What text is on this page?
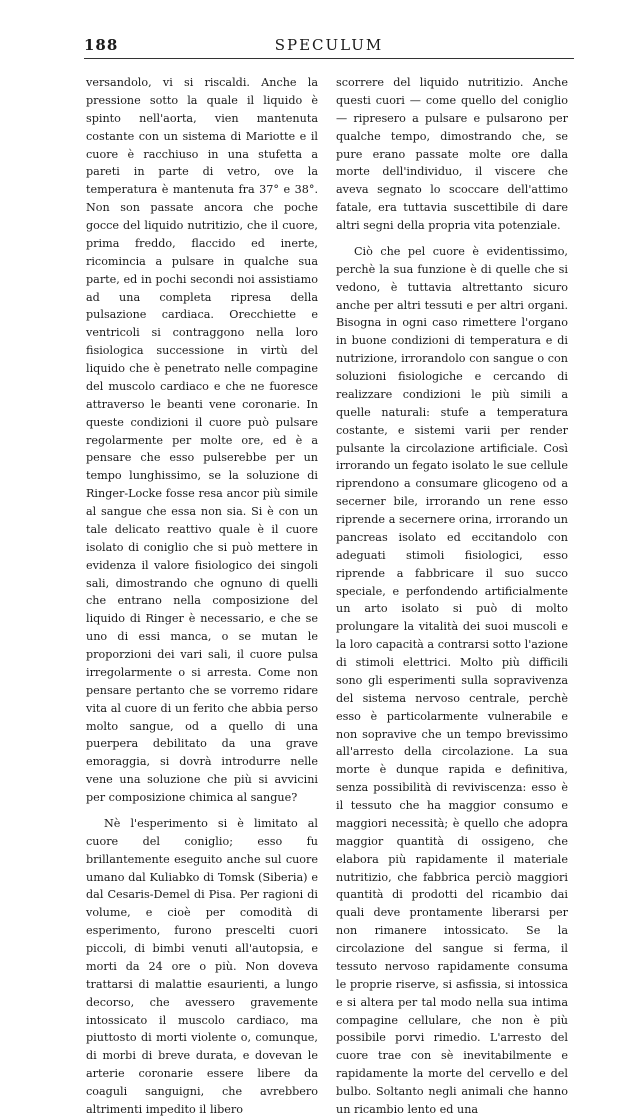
188	SPECULUM

versandolo, vi si riscaldi. Anche la pressione sotto la quale il liquido è spinto nell'aorta, vien mantenuta costante con un sistema di Mariotte e il cuore è racchiuso in una stufetta a pareti in parte di vetro, ove la temperatura è mantenuta fra 37° e 38°. Non son passate ancora che poche gocce del liquido nutritizio, che il cuore, prima freddo, flaccido ed inerte, ricomincia a pulsare in qualche sua parte, ed in pochi secondi noi assistiamo ad una completa ripresa della pulsazione cardiaca. Orecchiette e ventricoli si contraggono nella loro fisiologica successione in virtù del liquido che è penetrato nelle compagine del muscolo cardiaco e che ne fuoresce attraverso le beanti vene coronarie. In queste condizioni il cuore può pulsare regolarmente per molte ore, ed è a pensare che esso pulserebbe per un tempo lunghissimo, se la soluzione di Ringer-Locke fosse resa ancor più simile al sangue che essa non sia. Si è con un tale delicato reattivo quale è il cuore isolato di coniglio che si può mettere in evidenza il valore fisiologico dei singoli sali, dimostrando che ognuno di quelli che entrano nella composizione del liquido di Ringer è necessario, e che se uno di essi manca, o se mutan le proporzioni dei vari sali, il cuore pulsa irregolarmente o si arresta. Come non pensare pertanto che se vorremo ridare vita al cuore di un ferito che abbia perso molto sangue, od a quello di una puerpera debilitato da una grave emoraggia, si dovrà introdurre nelle vene una soluzione che più si avvicini per composizione chimica al sangue?

Nè l'esperimento si è limitato al cuore del coniglio; esso fu brillantemente eseguito anche sul cuore umano dal Kuliabko di Tomsk (Siberia) e dal Cesaris-Demel di Pisa. Per ragioni di volume, e cioè per comodità di esperimento, furono prescelti cuori piccoli, di bimbi venuti all'autopsia, e morti da 24 ore o più. Non doveva trattarsi di malattie esaurienti, a lungo decorso, che avessero gravemente intossicato il muscolo cardiaco, ma piuttosto di morti violente o, comunque, di morbi di breve durata, e dovevan le arterie coronarie essere libere da coaguli sanguigni, che avrebbero altrimenti impedito il libero

scorrere del liquido nutritizio. Anche questi cuori — come quello del coniglio — ripresero a pulsare e pulsarono per qualche tempo, dimostrando che, se pure erano passate molte ore dalla morte dell'individuo, il viscere che aveva segnato lo scoccare dell'attimo fatale, era tuttavia suscettibile di dare altri segni della propria vita potenziale.

Ciò che pel cuore è evidentissimo, perchè la sua funzione è di quelle che si vedono, è tuttavia altrettanto sicuro anche per altri tessuti e per altri organi. Bisogna in ogni caso rimettere l'organo in buone condizioni di temperatura e di nutrizione, irrorandolo con sangue o con soluzioni fisiologiche e cercando di realizzare condizioni le più simili a quelle naturali: stufe a temperatura costante, e sistemi varii per render pulsante la circolazione artificiale. Così irrorando un fegato isolato le sue cellule riprendono a consumare glicogeno od a secerner bile, irrorando un rene esso riprende a secernere orina, irrorando un pancreas isolato ed eccitandolo con adeguati stimoli fisiologici, esso riprende a fabbricare il suo succo speciale, e perfondendo artificialmente un arto isolato si può di molto prolungare la vitalità dei suoi muscoli e la loro capacità a contrarsi sotto l'azione di stimoli elettrici. Molto più difficili sono gli esperimenti sulla sopravivenza del sistema nervoso centrale, perchè esso è particolarmente vulnerabile e non sopravive che un tempo brevissimo all'arresto della circolazione. La sua morte è dunque rapida e definitiva, senza possibilità di reviviscenza: esso è il tessuto che ha maggior consumo e maggiori necessità; è quello che adopra maggior quantità di ossigeno, che elabora più rapidamente il materiale nutritizio, che fabbrica perciò maggiori quantità di prodotti del ricambio dai quali deve prontamente liberarsi per non rimanere intossicato. Se la circolazione del sangue si ferma, il tessuto nervoso rapidamente consuma le proprie riserve, si asfissia, si intossica e si altera per tal modo nella sua intima compagine cellulare, che non è più possibile porvi rimedio. L'arresto del cuore trae con sè inevitabilmente e rapidamente la morte del cervello e del bulbo. Soltanto negli animali che hanno un ricambio lento ed una
